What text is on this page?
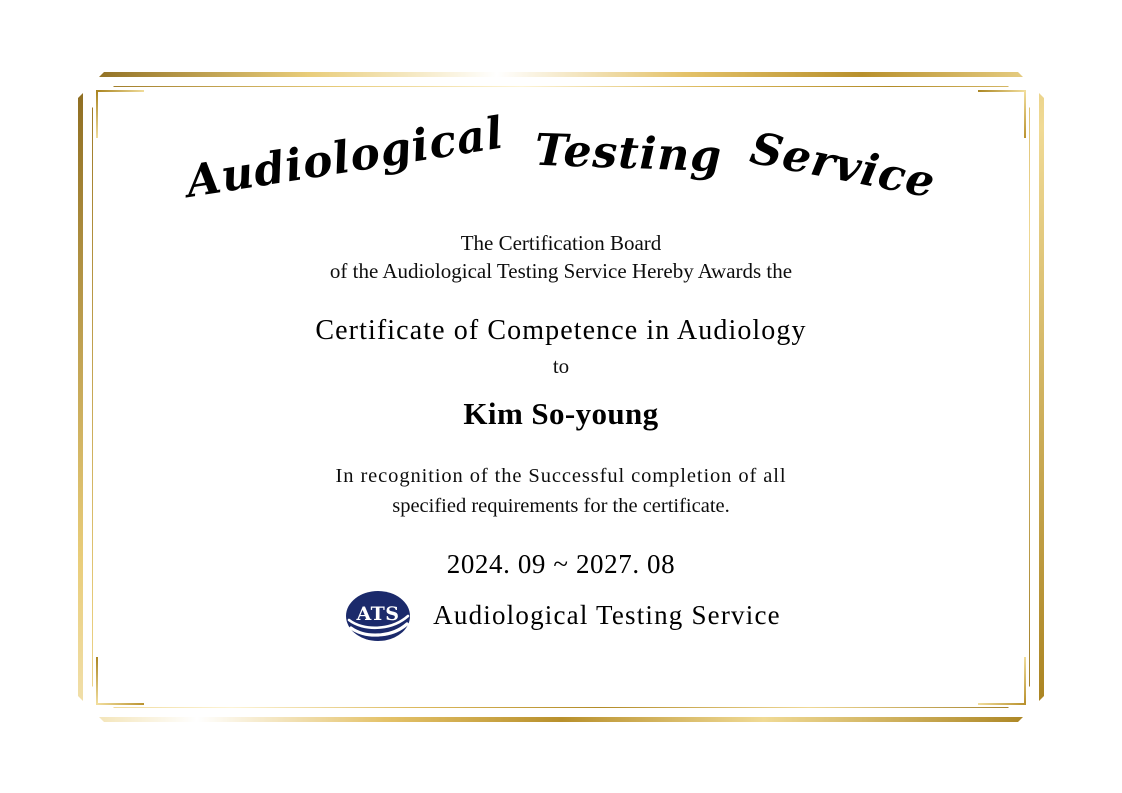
Audiological Testing Service
The Certification Board
of the Audiological Testing Service Hereby Awards the
Certificate of Competence in Audiology
to
Kim So-young
In recognition of the Successful completion of all
specified requirements for the certificate.
2024. 09 ~ 2027. 08
ATS Audiological Testing Service
